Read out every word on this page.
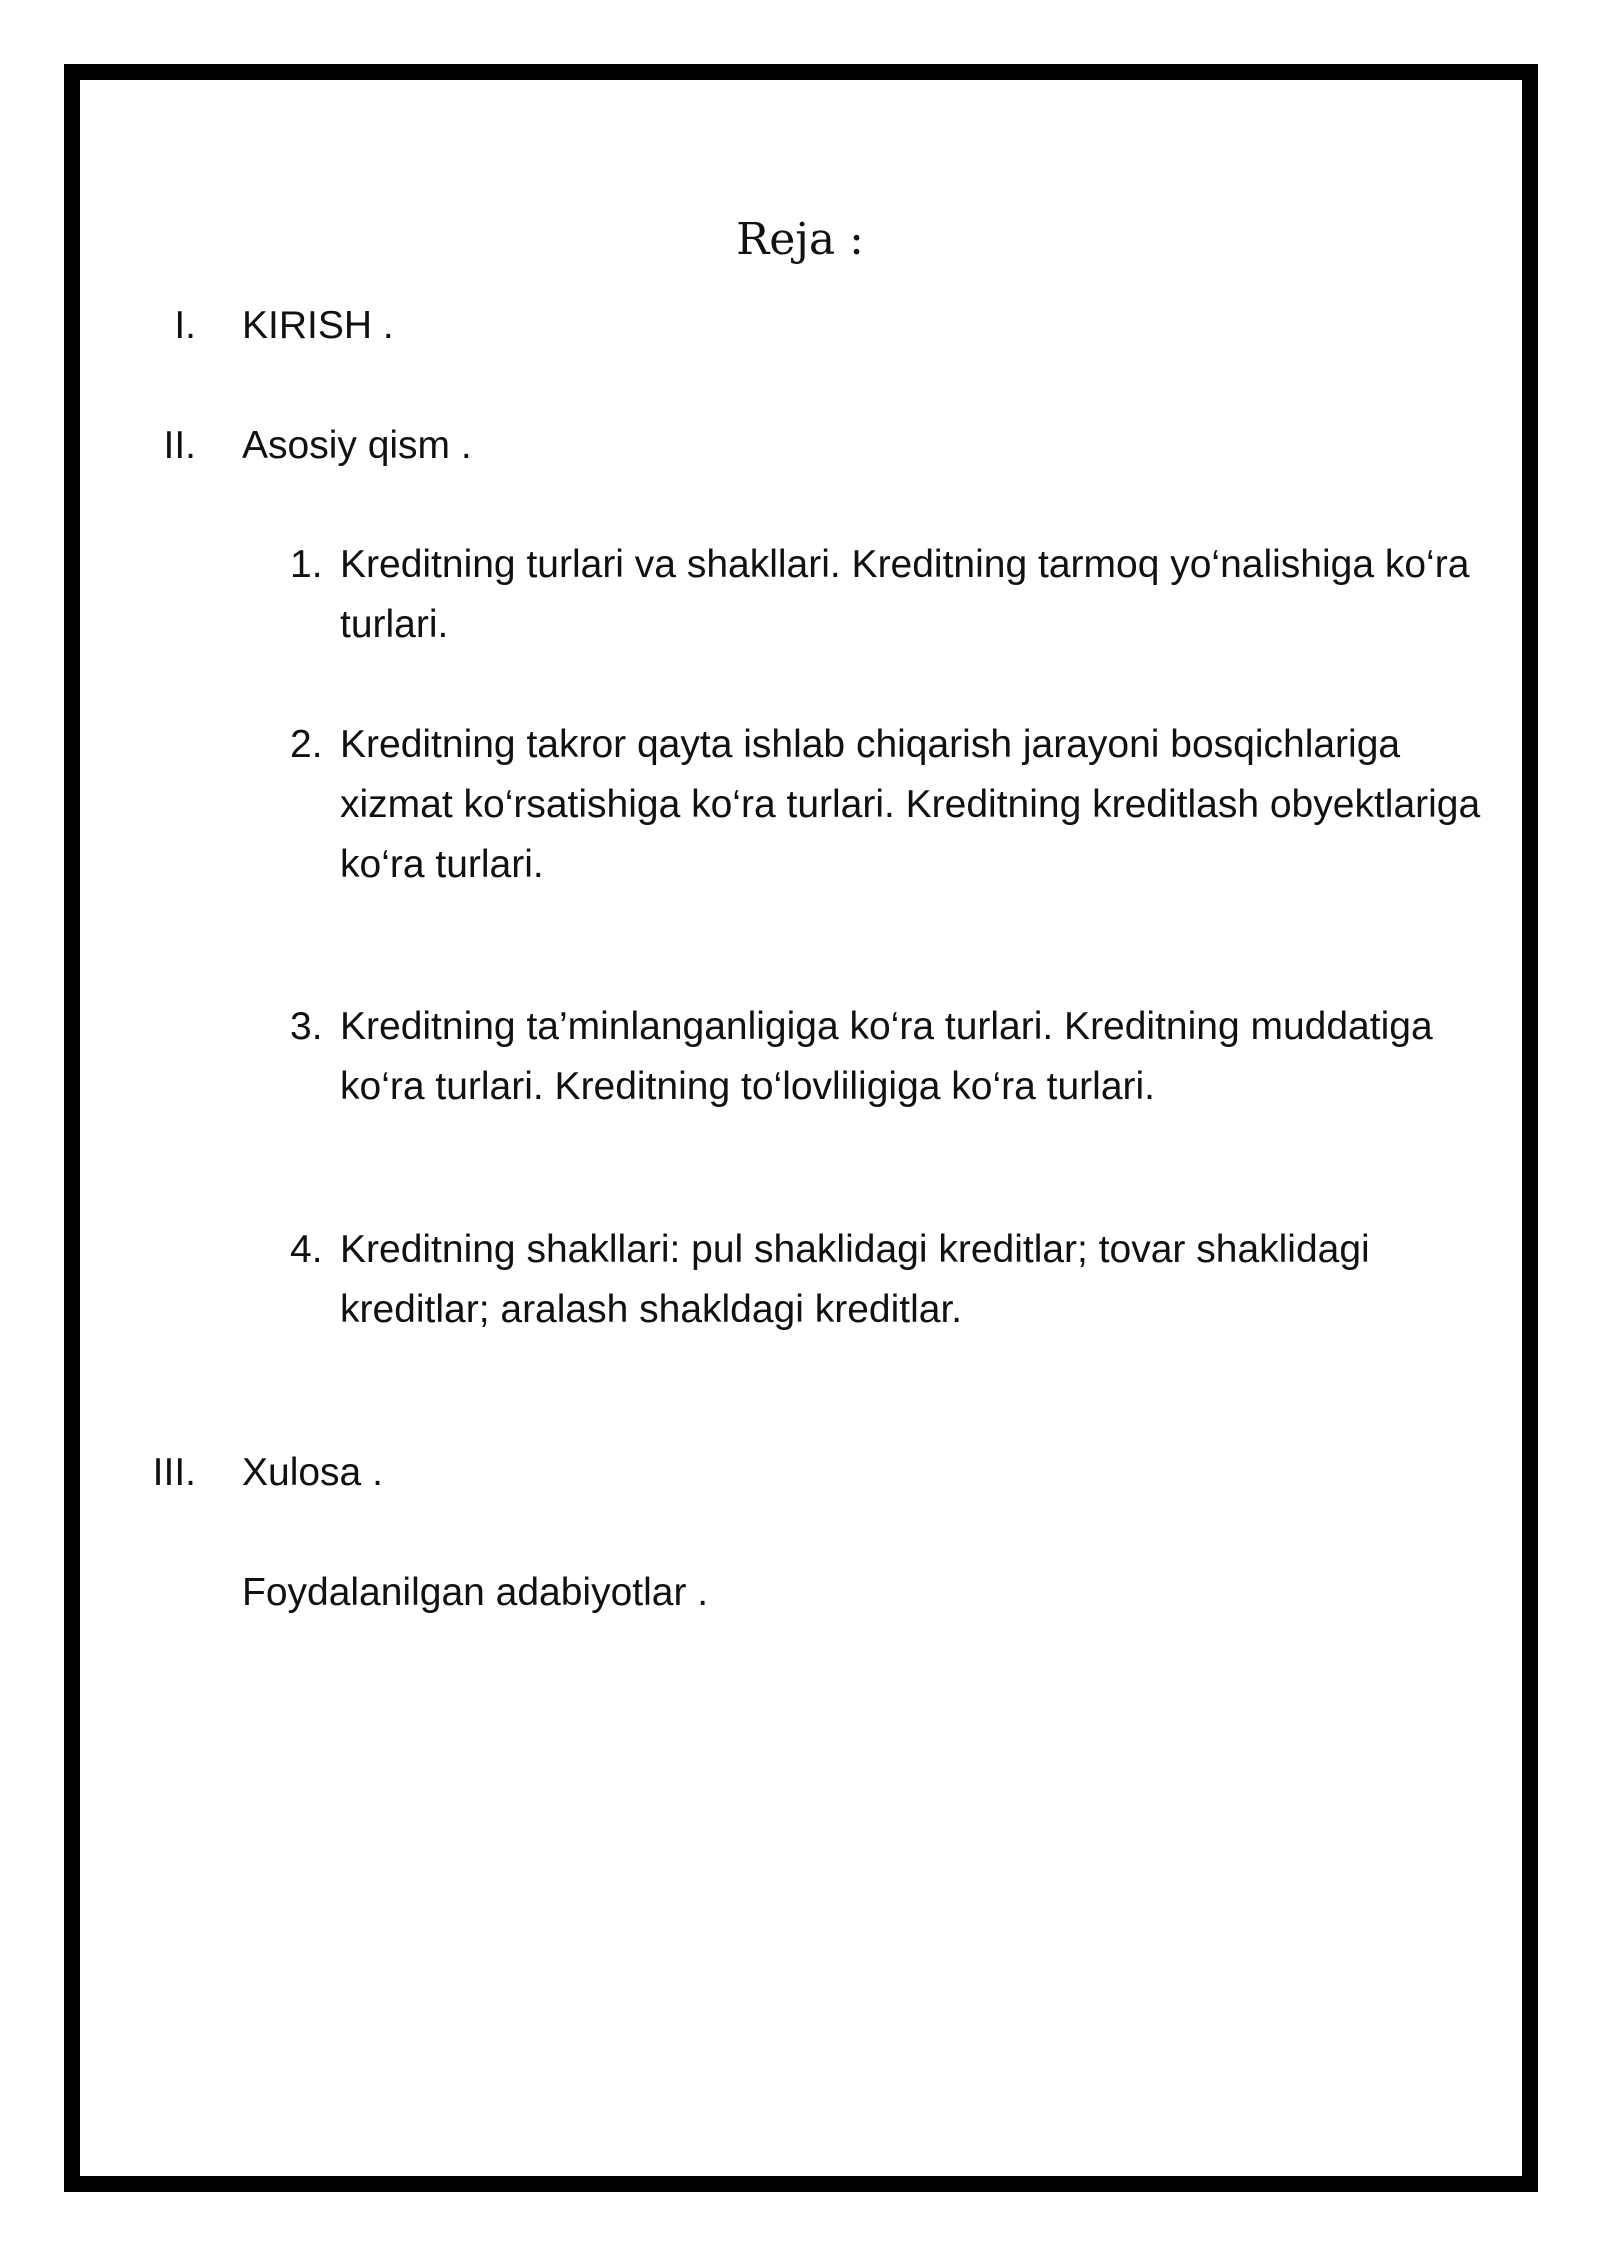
Reja :
I. KIRISH .
II. Asosiy qism .
1. Kreditning turlari va shakllari. Kreditning tarmoq yo‘nalishiga ko‘ra turlari.
2. Kreditning takror qayta ishlab chiqarish jarayoni bosqichlariga xizmat ko‘rsatishiga ko‘ra turlari. Kreditning kreditlash obyektlariga ko‘ra turlari.
3. Kreditning ta’minlanganligiga ko‘ra turlari. Kreditning muddatiga ko‘ra turlari. Kreditning to‘lovliligiga ko‘ra turlari.
4. Kreditning shakllari: pul shaklidagi kreditlar; tovar shaklidagi kreditlar; aralash shakldagi kreditlar.
III. Xulosa .
Foydalanilgan adabiyotlar .
